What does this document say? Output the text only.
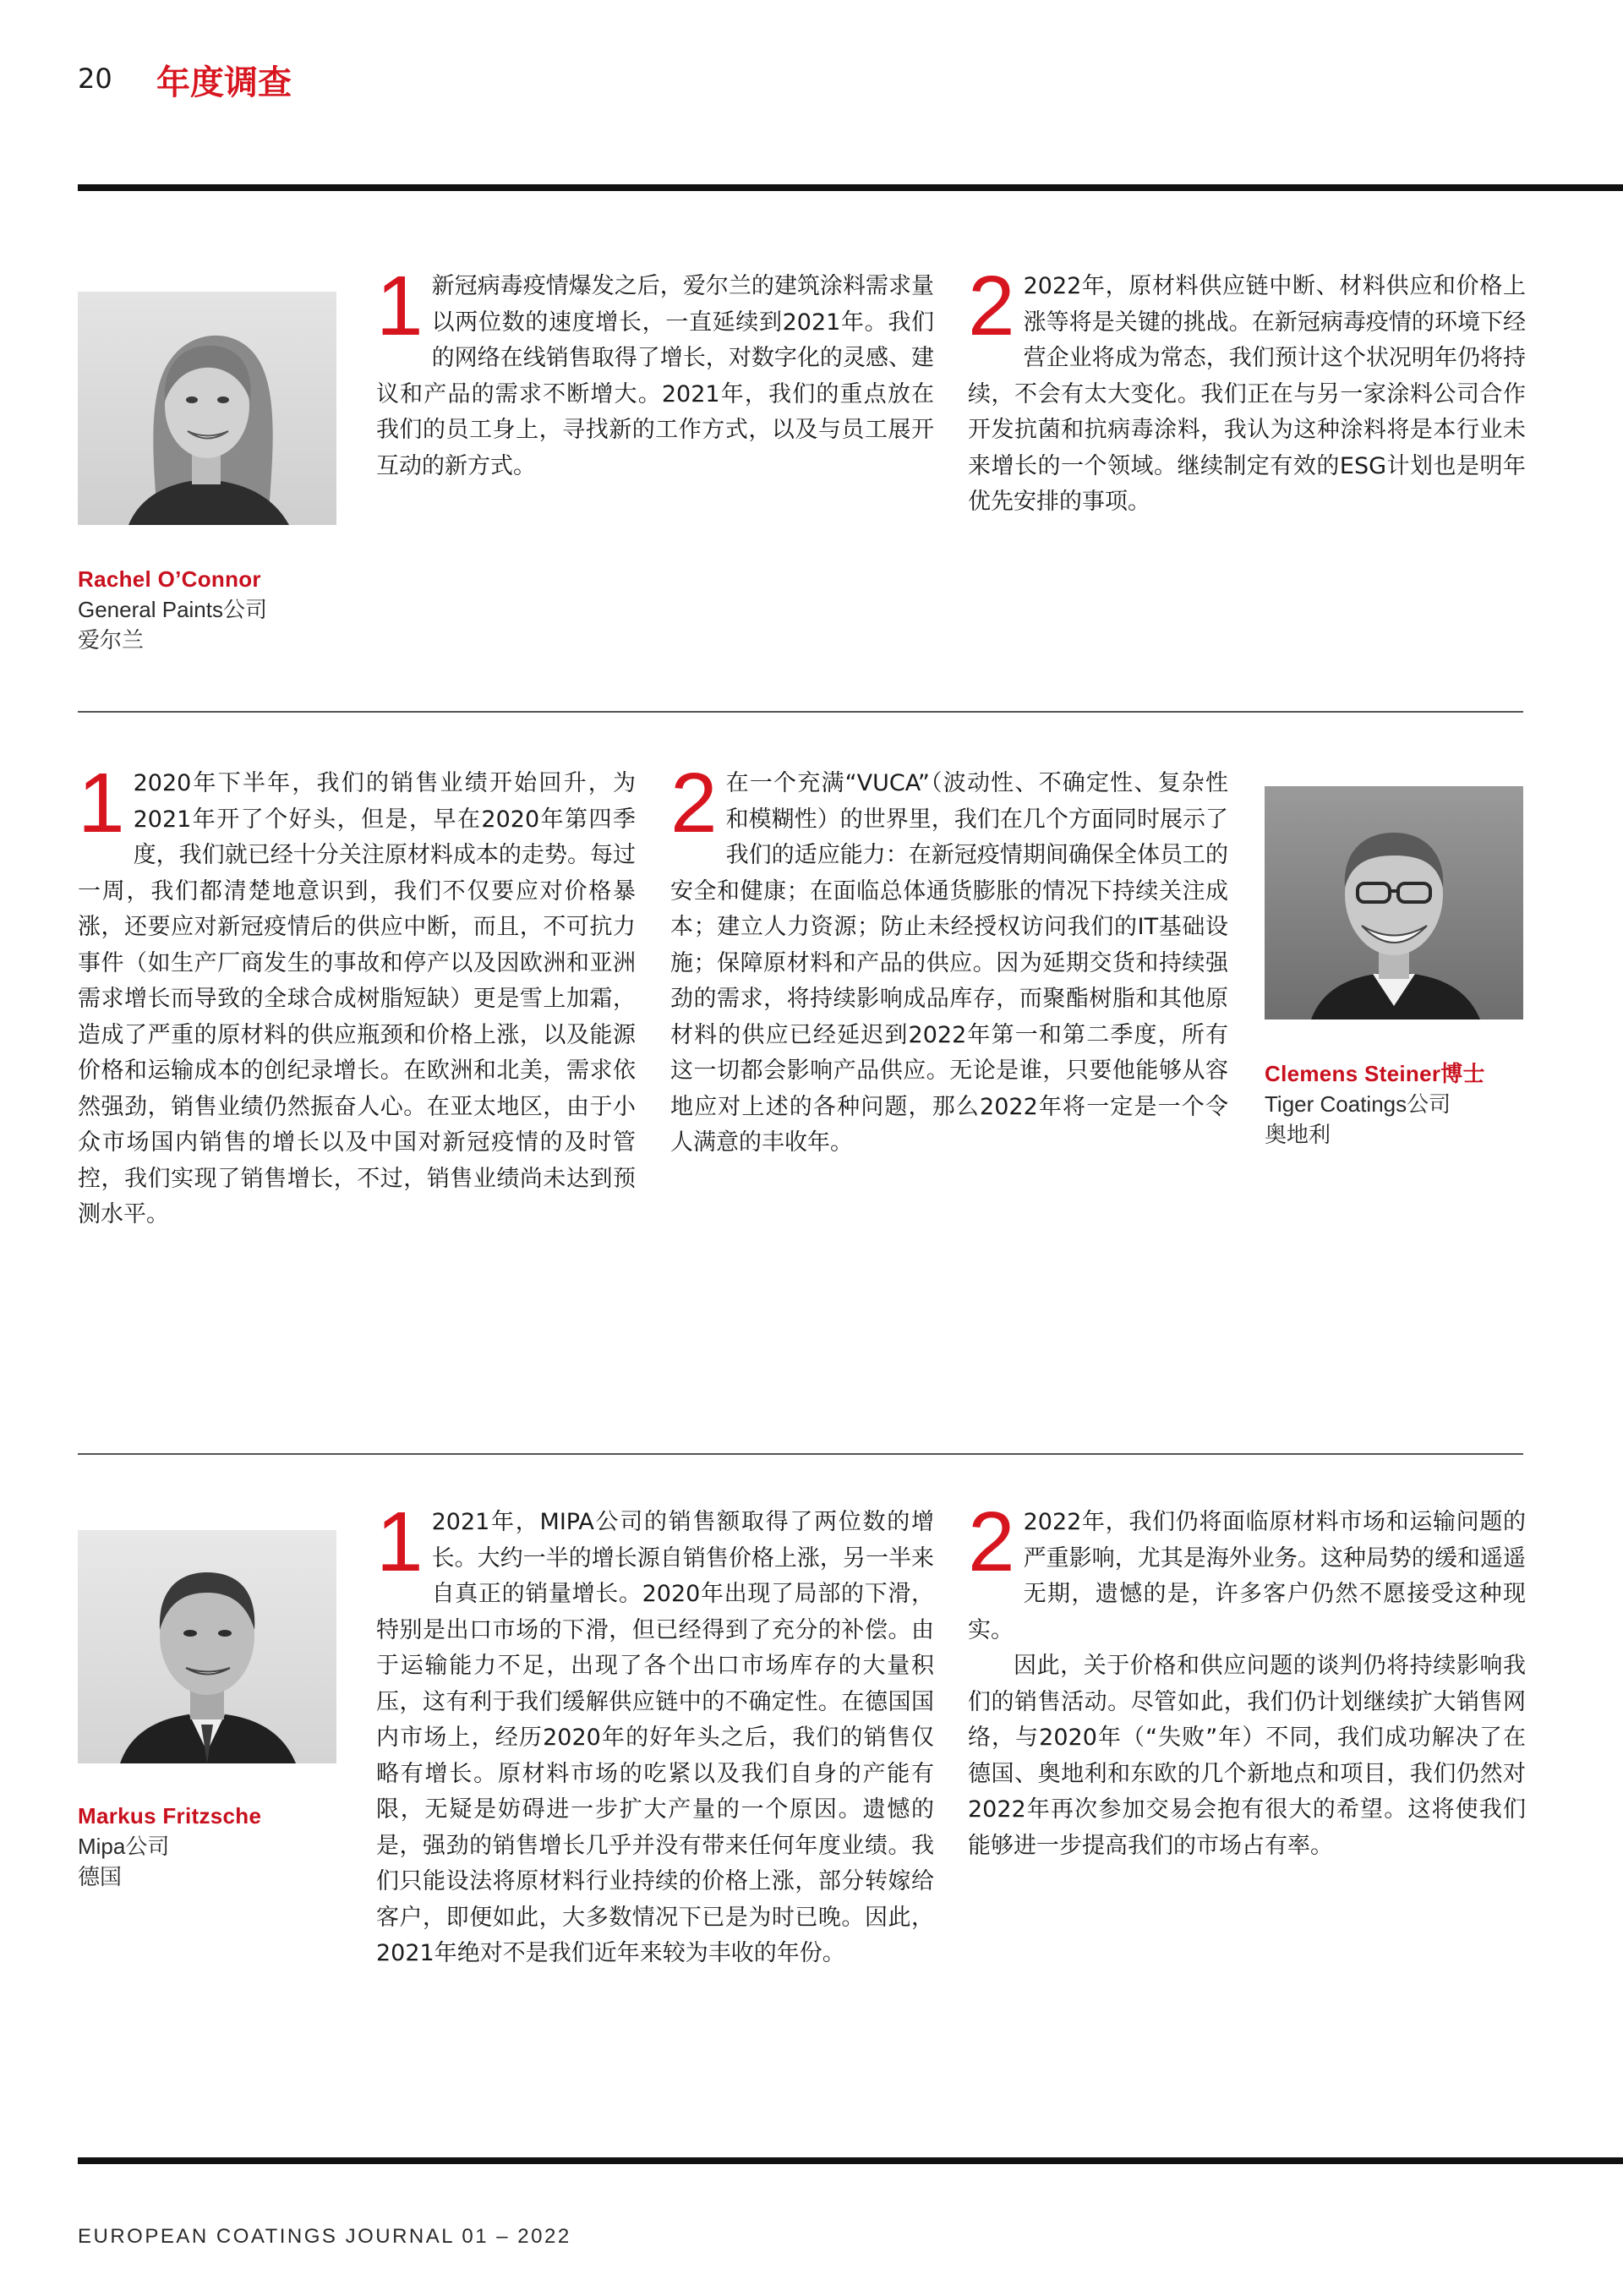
20 年度调查
Rachel O’Connor
General Paints公司
爱尔兰

1 新冠病毒疫情爆发之后，爱尔兰的建筑涂料需求量以两位数的速度增长，一直延续到2021年。我们的网络在线销售取得了增长，对数字化的灵感、建议和产品的需求不断增大。2021年，我们的重点放在我们的员工身上，寻找新的工作方式，以及与员工展开互动的新方式。

2 2022年，原材料供应链中断、材料供应和价格上涨等将是关键的挑战。在新冠病毒疫情的环境下经营企业将成为常态，我们预计这个状况明年仍将持续，不会有太大变化。我们正在与另一家涂料公司合作开发抗菌和抗病毒涂料，我认为这种涂料将是本行业未来增长的一个领域。继续制定有效的ESG计划也是明年优先安排的事项。

1 2020年下半年，我们的销售业绩开始回升，为2021年开了个好头，但是，早在2020年第四季度，我们就已经十分关注原材料成本的走势。每过一周，我们都清楚地意识到，我们不仅要应对价格暴涨，还要应对新冠疫情后的供应中断，而且，不可抗力事件（如生产厂商发生的事故和停产以及因欧洲和亚洲需求增长而导致的全球合成树脂短缺）更是雪上加霜，造成了严重的原材料的供应瓶颈和价格上涨，以及能源价格和运输成本的创纪录增长。在欧洲和北美，需求依然强劲，销售业绩仍然振奋人心。在亚太地区，由于小众市场国内销售的增长以及中国对新冠疫情的及时管控，我们实现了销售增长，不过，销售业绩尚未达到预测水平。

2 在一个充满“VUCA”（波动性、不确定性、复杂性和模糊性）的世界里，我们在几个方面同时展示了我们的适应能力：在新冠疫情期间确保全体员工的安全和健康；在面临总体通货膨胀的情况下持续关注成本；建立人力资源；防止未经授权访问我们的IT基础设施；保障原材料和产品的供应。因为延期交货和持续强劲的需求，将持续影响成品库存，而聚酯树脂和其他原材料的供应已经延迟到2022年第一和第二季度，所有这一切都会影响产品供应。无论是谁，只要他能够从容地应对上述的各种问题，那么2022年将一定是一个令人满意的丰收年。

Clemens Steiner博士
Tiger Coatings公司
奥地利
Markus Fritzsche
Mipa公司
德国

1 2021年，MIPA公司的销售额取得了两位数的增长。大约一半的增长源自销售价格上涨，另一半来自真正的销量增长。2020年出现了局部的下滑，特别是出口市场的下滑，但已经得到了充分的补偿。由于运输能力不足，出现了各个出口市场库存的大量积压，这有利于我们缓解供应链中的不确定性。在德国国内市场上，经历2020年的好年头之后，我们的销售仅略有增长。原材料市场的吃紧以及我们自身的产能有限，无疑是妨碍进一步扩大产量的一个原因。遗憾的是，强劲的销售增长几乎并没有带来任何年度业绩。我们只能设法将原材料行业持续的价格上涨，部分转嫁给客户，即便如此，大多数情况下已是为时已晚。因此，2021年绝对不是我们近年来较为丰收的年份。

2 2022年，我们仍将面临原材料市场和运输问题的严重影响，尤其是海外业务。这种局势的缓和遥遥无期，遗憾的是，许多客户仍然不愿接受这种现实。

因此，关于价格和供应问题的谈判仍将持续影响我们的销售活动。尽管如此，我们仍计划继续扩大销售网络，与2020年（“失败”年）不同，我们成功解决了在德国、奥地利和东欧的几个新地点和项目，我们仍然对2022年再次参加交易会抱有很大的希望。这将使我们能够进一步提高我们的市场占有率。

EUROPEAN COATINGS JOURNAL 01 – 2022
